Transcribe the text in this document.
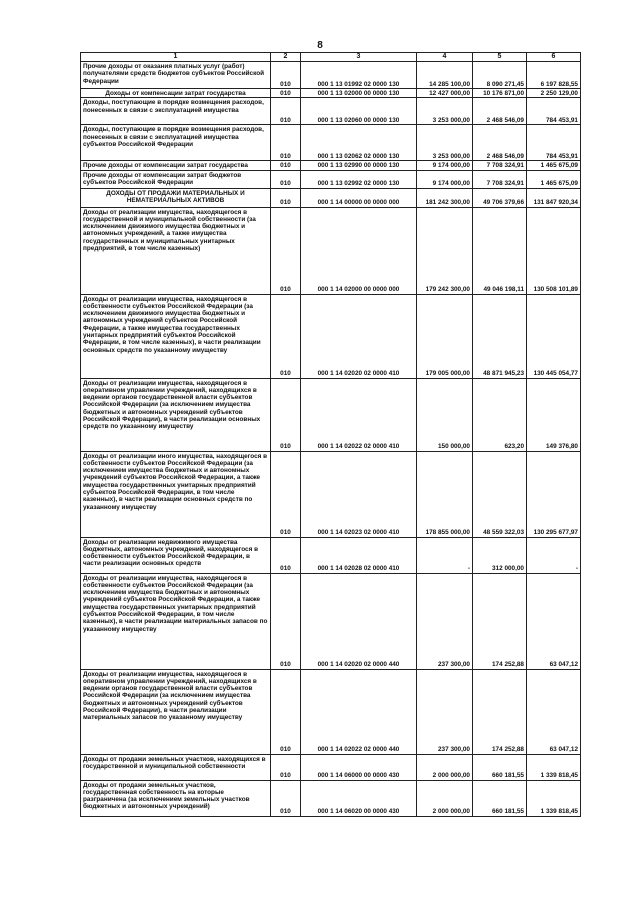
8
1	2	3	4	5	6
Прочие доходы от оказания платных услуг (работ) получателями средств бюджетов субъектов Российской Федерации	010	000 1 13 01992 02 0000 130	14 285 100,00	8 090 271,45	6 197 828,55
Доходы от компенсации затрат государства	010	000 1 13 02000 00 0000 130	12 427 000,00	10 176 871,00	2 250 129,00
Доходы, поступающие в порядке возмещения расходов, понесенных в связи с эксплуатацией имущества	010	000 1 13 02060 00 0000 130	3 253 000,00	2 468 546,09	784 453,91
Доходы, поступающие в порядке возмещения расходов, понесенных в связи с эксплуатацией имущества субъектов Российской Федерации	010	000 1 13 02062 02 0000 130	3 253 000,00	2 468 546,09	784 453,91
Прочие доходы от компенсации затрат государства	010	000 1 13 02990 00 0000 130	9 174 000,00	7 708 324,91	1 465 675,09
Прочие доходы от компенсации затрат бюджетов субъектов Российской Федерации	010	000 1 13 02992 02 0000 130	9 174 000,00	7 708 324,91	1 465 675,09
ДОХОДЫ ОТ ПРОДАЖИ МАТЕРИАЛЬНЫХ И НЕМАТЕРИАЛЬНЫХ АКТИВОВ	010	000 1 14 00000 00 0000 000	181 242 300,00	49 706 379,66	131 847 920,34
Доходы от реализации имущества, находящегося в государственной и муниципальной собственности (за исключением движимого имущества бюджетных и автономных учреждений, а также имущества государственных и муниципальных унитарных предприятий, в том числе казенных)	010	000 1 14 02000 00 0000 000	179 242 300,00	49 046 198,11	130 508 101,89
Доходы от реализации имущества, находящегося в собственности субъектов Российской Федерации (за исключением движимого имущества бюджетных и автономных учреждений субъектов Российской Федерации, а также имущества государственных унитарных предприятий субъектов Российской Федерации, в том числе казенных), в части реализации основных средств по указанному имуществу	010	000 1 14 02020 02 0000 410	179 005 000,00	48 871 945,23	130 445 054,77
Доходы от реализации имущества, находящегося в оперативном управлении учреждений, находящихся в ведении органов государственной власти субъектов Российской Федерации (за исключением имущества бюджетных и автономных учреждений субъектов Российской Федерации), в части реализации основных средств по указанному имуществу	010	000 1 14 02022 02 0000 410	150 000,00	623,20	149 376,80
Доходы от реализации иного имущества, находящегося в собственности субъектов Российской Федерации (за исключением имущества бюджетных и автономных учреждений субъектов Российской Федерации, а также имущества государственных унитарных предприятий субъектов Российской Федерации, в том числе казенных), в части реализации основных средств по указанному имуществу	010	000 1 14 02023 02 0000 410	178 855 000,00	48 559 322,03	130 295 677,97
Доходы от реализации недвижимого имущества бюджетных, автономных учреждений, находящегося в собственности субъектов Российской Федерации, в части реализации основных средств	010	000 1 14 02028 02 0000 410	-	312 000,00	-
Доходы от реализации имущества, находящегося в собственности субъектов Российской Федерации (за исключением имущества бюджетных и автономных учреждений субъектов Российской Федерации, а также имущества государственных унитарных предприятий субъектов Российской Федерации, в том числе казенных), в части реализации материальных запасов по указанному имуществу	010	000 1 14 02020 02 0000 440	237 300,00	174 252,88	63 047,12
Доходы от реализации имущества, находящегося в оперативном управлении учреждений, находящихся в ведении органов государственной власти субъектов Российской Федерации (за исключением имущества бюджетных и автономных учреждений субъектов Российской Федерации), в части реализации материальных запасов по указанному имуществу	010	000 1 14 02022 02 0000 440	237 300,00	174 252,88	63 047,12
Доходы от продажи земельных участков, находящихся в государственной и муниципальной собственности	010	000 1 14 06000 00 0000 430	2 000 000,00	660 181,55	1 339 818,45
Доходы от продажи земельных участков, государственная собственность на которые разграничена (за исключением земельных участков бюджетных и автономных учреждений)	010	000 1 14 06020 00 0000 430	2 000 000,00	660 181,55	1 339 818,45
